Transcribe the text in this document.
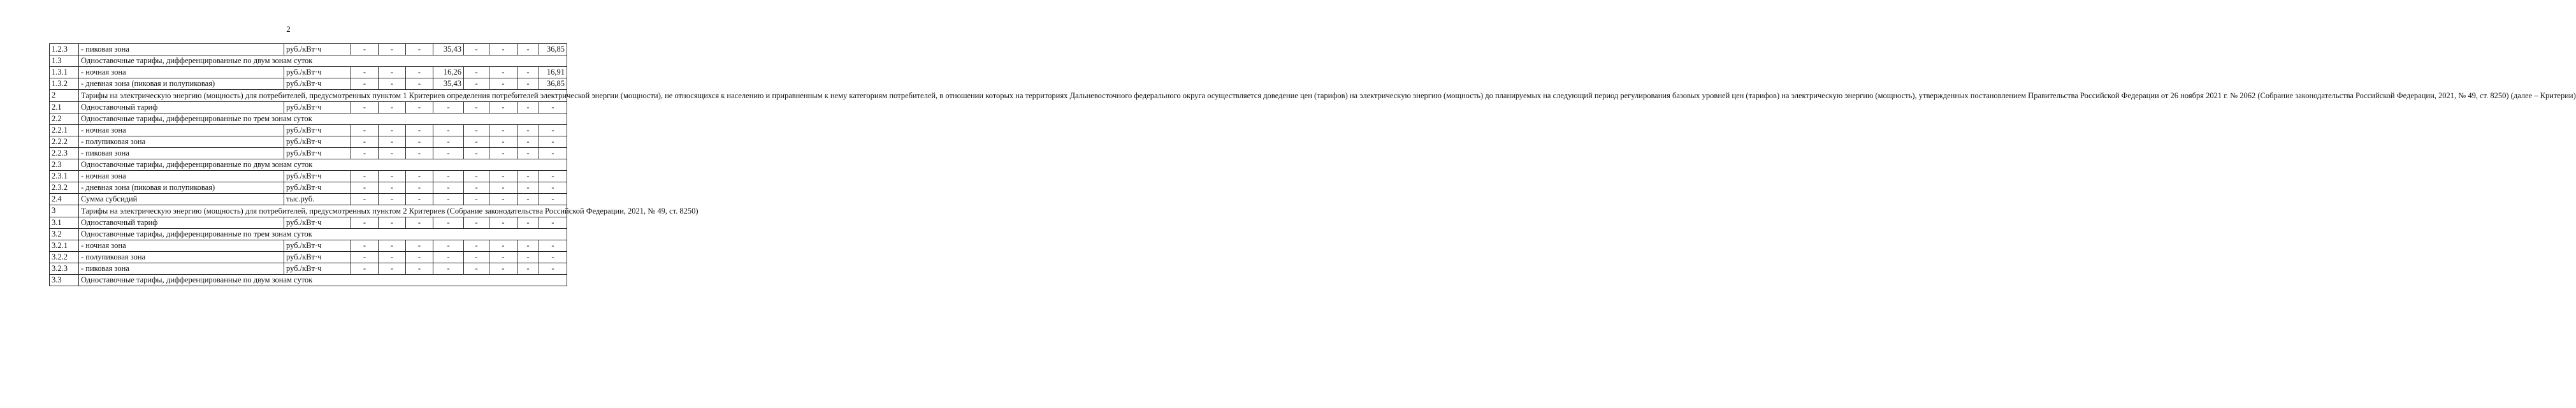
2
1.2.3	- пиковая зона	руб./кВт·ч	-	-	-	35,43	-	-	-	36,85
1.3	Одноставочные тарифы, дифференцированные по двум зонам суток									
1.3.1	- ночная зона	руб./кВт·ч	-	-	-	16,26	-	-	-	16,91
1.3.2	- дневная зона (пиковая и полупиковая)	руб./кВт·ч	-	-	-	35,43	-	-	-	36,85
2	Тарифы на электрическую энергию (мощность) для потребителей, предусмотренных пунктом 1 Критериев определения потребителей электрической энергии (мощности), не относящихся к населению и приравненным к нему категориям потребителей, в отношении которых на территориях Дальневосточного федерального округа осуществляется доведение цен (тарифов) на электрическую энергию (мощность) до планируемых на следующий период регулирования базовых уровней цен (тарифов) на электрическую энергию (мощность), утвержденных постановлением Правительства Российской Федерации от 26 ноября 2021 г. № 2062 (Собрание законодательства Российской Федерации, 2021, № 49, ст. 8250) (далее – Критерии)									
2.1	Одноставочный тариф	руб./кВт·ч	-	-	-	-	-	-	-	-
2.2	Одноставочные тарифы, дифференцированные по трем зонам суток									
2.2.1	- ночная зона	руб./кВт·ч	-	-	-	-	-	-	-	-
2.2.2	- полупиковая зона	руб./кВт·ч	-	-	-	-	-	-	-	-
2.2.3	- пиковая зона	руб./кВт·ч	-	-	-	-	-	-	-	-
2.3	Одноставочные тарифы, дифференцированные по двум зонам суток									
2.3.1	- ночная зона	руб./кВт·ч	-	-	-	-	-	-	-	-
2.3.2	- дневная зона (пиковая и полупиковая)	руб./кВт·ч	-	-	-	-	-	-	-	-
2.4	Сумма субсидий	тыс.руб.	-	-	-	-	-	-	-	-
3	Тарифы на электрическую энергию (мощность) для потребителей, предусмотренных пунктом 2 Критериев (Собрание законодательства Российской Федерации, 2021, № 49, ст. 8250)									
3.1	Одноставочный тариф	руб./кВт·ч	-	-	-	-	-	-	-	-
3.2	Одноставочные тарифы, дифференцированные по трем зонам суток									
3.2.1	- ночная зона	руб./кВт·ч	-	-	-	-	-	-	-	-
3.2.2	- полупиковая зона	руб./кВт·ч	-	-	-	-	-	-	-	-
3.2.3	- пиковая зона	руб./кВт·ч	-	-	-	-	-	-	-	-
3.3	Одноставочные тарифы, дифференцированные по двум зонам суток									
